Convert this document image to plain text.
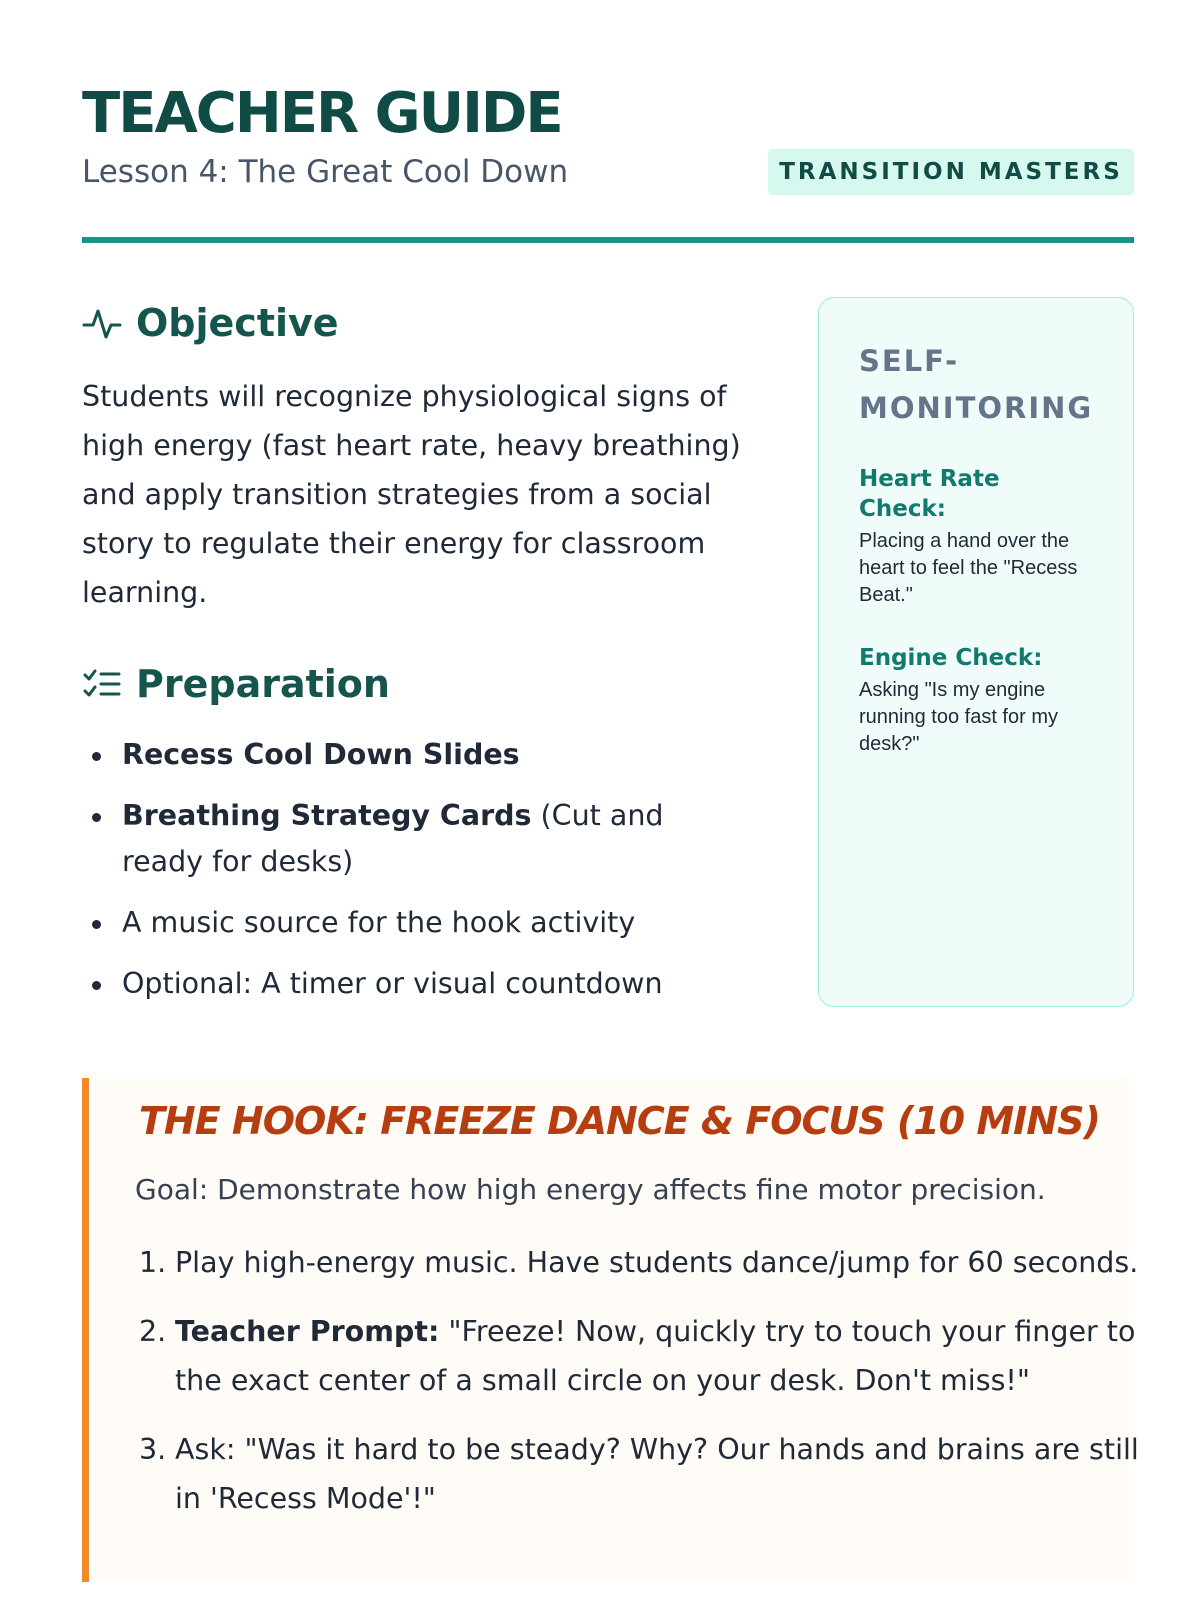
TEACHER GUIDE
Lesson 4: The Great Cool Down	TRANSITION MASTERS
Objective

Students will recognize physiological signs of high energy (fast heart rate, heavy breathing) and apply transition strategies from a social story to regulate their energy for classroom learning.

Preparation
Recess Cool Down Slides
Breathing Strategy Cards (Cut and ready for desks)
A music source for the hook activity
Optional: A timer or visual countdown
SELF-MONITORING
Heart Rate Check:
Placing a hand over the heart to feel the "Recess Beat."
Engine Check:
Asking "Is my engine running too fast for my desk?"
THE HOOK: FREEZE DANCE & FOCUS (10 MINS)

Goal: Demonstrate how high energy affects fine motor precision.

1. Play high-energy music. Have students dance/jump for 60 seconds.
2. Teacher Prompt: "Freeze! Now, quickly try to touch your finger to the exact center of a small circle on your desk. Don't miss!"
3. Ask: "Was it hard to be steady? Why? Our hands and brains are still in 'Recess Mode'!"
